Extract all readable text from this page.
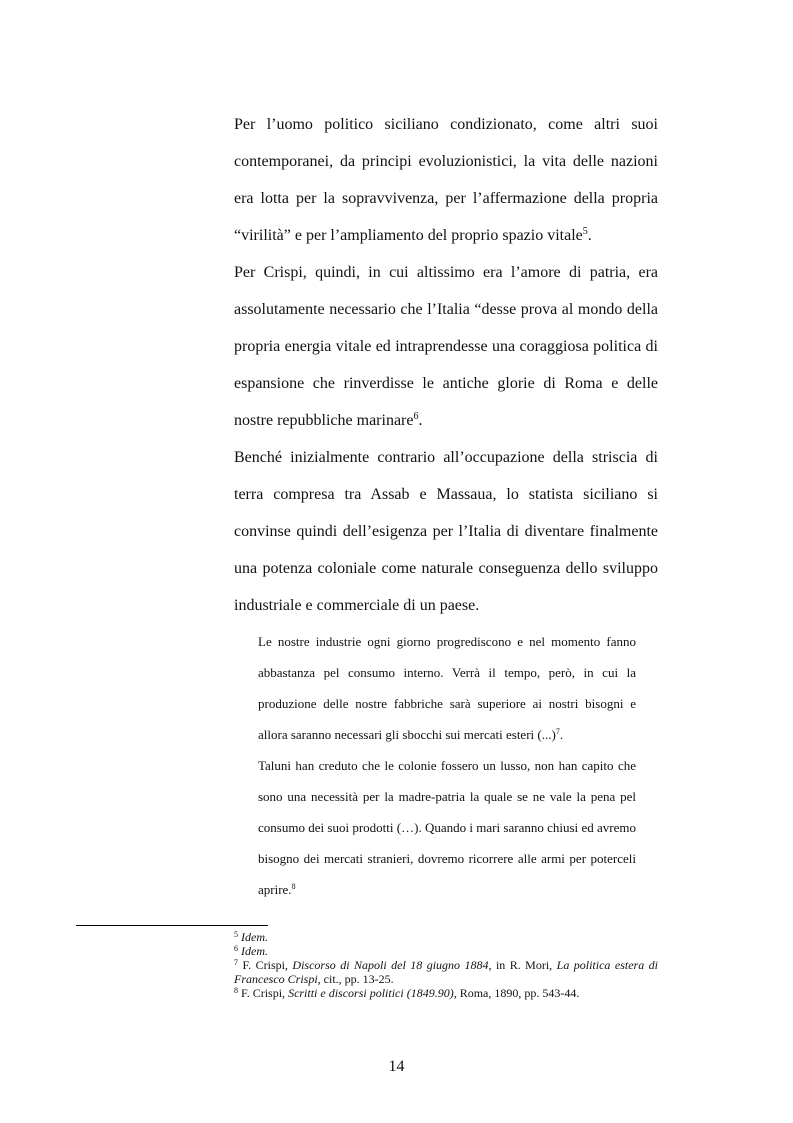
Per l’uomo politico siciliano condizionato, come altri suoi contemporanei, da principi evoluzionistici, la vita delle nazioni era lotta per la sopravvivenza, per l’affermazione della propria “virilità” e per l’ampliamento del proprio spazio vitale$^5$.

Per Crispi, quindi, in cui altissimo era l’amore di patria, era assolutamente necessario che l’Italia “desse prova al mondo della propria energia vitale ed intraprendesse una coraggiosa politica di espansione che rinverdisse le antiche glorie di Roma e delle nostre repubbliche marinare$^6$.

Benché inizialmente contrario all’occupazione della striscia di terra compresa tra Assab e Massaua, lo statista siciliano si convinse quindi dell’esigenza per l’Italia di diventare finalmente una potenza coloniale come naturale conseguenza dello sviluppo industriale e commerciale di un paese.

Le nostre industrie ogni giorno progrediscono e nel momento fanno abbastanza pel consumo interno. Verrà il tempo, però, in cui la produzione delle nostre fabbriche sarà superiore ai nostri bisogni e allora saranno necessari gli sbocchi sui mercati esteri (...)$^7$.

Taluni han creduto che le colonie fossero un lusso, non han capito che sono una necessità per la madre-patria la quale se ne vale la pena pel consumo dei suoi prodotti (…). Quando i mari saranno chiusi ed avremo bisogno dei mercati stranieri, dovremo ricorrere alle armi per poterceli aprire.$^8$

$^5$ Idem.

$^6$ Idem.

$^7$ F. Crispi, Discorso di Napoli del 18 giugno 1884, in R. Mori, La politica estera di Francesco Crispi, cit., pp. 13-25.

$^8$ F. Crispi, Scritti e discorsi politici (1849.90), Roma, 1890, pp. 543-44.

14
